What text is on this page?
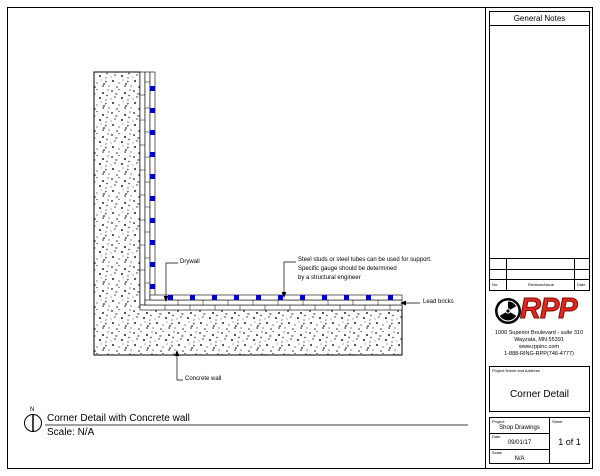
Drywall	Steel studs or steel tubes can be used for support.
Specific gauge should be determined
by a structural engineer
Lead bricks
Concrete wall
N
Corner Detail with Concrete wall
Scale: N/A
General Notes
No.	Revision/Issue	Date
RPP
1000 Superior Boulevard - suite 310
Wayzata, MN 55391
www.rppinc.com
1-888-RING-RPP(746-4777)
Project Name and Address
Corner Detail
Project
Shop Drawings
Date
09/01/17
Scale
N/A
Sheet
1 of 1
